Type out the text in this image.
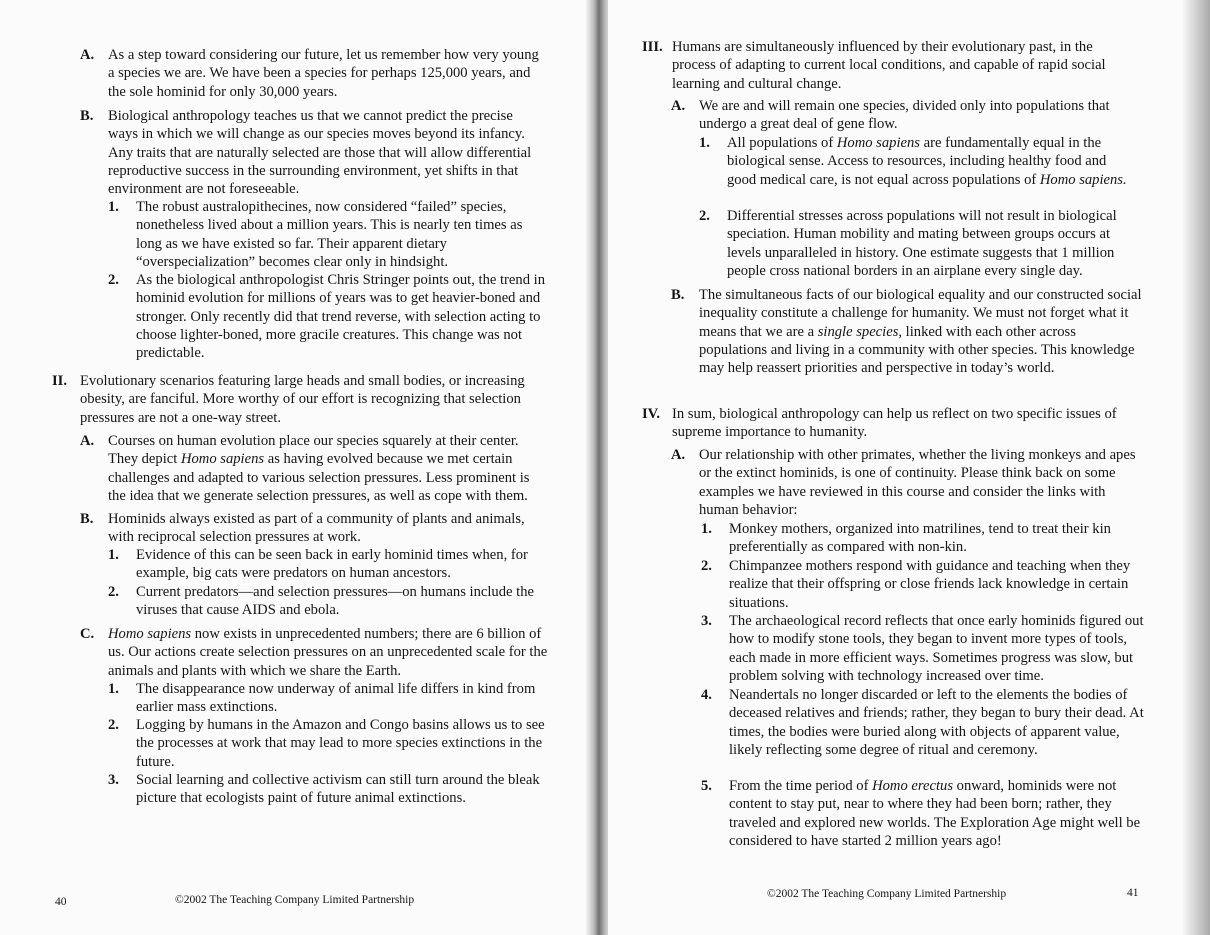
A. As a step toward considering our future, let us remember how very young a species we are. We have been a species for perhaps 125,000 years, and the sole hominid for only 30,000 years.
B. Biological anthropology teaches us that we cannot predict the precise ways in which we will change as our species moves beyond its infancy. Any traits that are naturally selected are those that will allow differential reproductive success in the surrounding environment, yet shifts in that environment are not foreseeable.
1. The robust australopithecines, now considered “failed” species, nonetheless lived about a million years. This is nearly ten times as long as we have existed so far. Their apparent dietary “overspecialization” becomes clear only in hindsight.
2. As the biological anthropologist Chris Stringer points out, the trend in hominid evolution for millions of years was to get heavier-boned and stronger. Only recently did that trend reverse, with selection acting to choose lighter-boned, more gracile creatures. This change was not predictable.
II. Evolutionary scenarios featuring large heads and small bodies, or increasing obesity, are fanciful. More worthy of our effort is recognizing that selection pressures are not a one-way street.
A. Courses on human evolution place our species squarely at their center. They depict Homo sapiens as having evolved because we met certain challenges and adapted to various selection pressures. Less prominent is the idea that we generate selection pressures, as well as cope with them.
B. Hominids always existed as part of a community of plants and animals, with reciprocal selection pressures at work.
1. Evidence of this can be seen back in early hominid times when, for example, big cats were predators on human ancestors.
2. Current predators—and selection pressures—on humans include the viruses that cause AIDS and ebola.
C. Homo sapiens now exists in unprecedented numbers; there are 6 billion of us. Our actions create selection pressures on an unprecedented scale for the animals and plants with which we share the Earth.
1. The disappearance now underway of animal life differs in kind from earlier mass extinctions.
2. Logging by humans in the Amazon and Congo basins allows us to see the processes at work that may lead to more species extinctions in the future.
3. Social learning and collective activism can still turn around the bleak picture that ecologists paint of future animal extinctions.
40	©2002 The Teaching Company Limited Partnership
III. Humans are simultaneously influenced by their evolutionary past, in the process of adapting to current local conditions, and capable of rapid social learning and cultural change.
A. We are and will remain one species, divided only into populations that undergo a great deal of gene flow.
1. All populations of Homo sapiens are fundamentally equal in the biological sense. Access to resources, including healthy food and good medical care, is not equal across populations of Homo sapiens.
2. Differential stresses across populations will not result in biological speciation. Human mobility and mating between groups occurs at levels unparalleled in history. One estimate suggests that 1 million people cross national borders in an airplane every single day.
B. The simultaneous facts of our biological equality and our constructed social inequality constitute a challenge for humanity. We must not forget what it means that we are a single species, linked with each other across populations and living in a community with other species. This knowledge may help reassert priorities and perspective in today’s world.
IV. In sum, biological anthropology can help us reflect on two specific issues of supreme importance to humanity.
A. Our relationship with other primates, whether the living monkeys and apes or the extinct hominids, is one of continuity. Please think back on some examples we have reviewed in this course and consider the links with human behavior:
1. Monkey mothers, organized into matrilines, tend to treat their kin preferentially as compared with non-kin.
2. Chimpanzee mothers respond with guidance and teaching when they realize that their offspring or close friends lack knowledge in certain situations.
3. The archaeological record reflects that once early hominids figured out how to modify stone tools, they began to invent more types of tools, each made in more efficient ways. Sometimes progress was slow, but problem solving with technology increased over time.
4. Neandertals no longer discarded or left to the elements the bodies of deceased relatives and friends; rather, they began to bury their dead. At times, the bodies were buried along with objects of apparent value, likely reflecting some degree of ritual and ceremony.
5. From the time period of Homo erectus onward, hominids were not content to stay put, near to where they had been born; rather, they traveled and explored new worlds. The Exploration Age might well be considered to have started 2 million years ago!
©2002 The Teaching Company Limited Partnership	41
